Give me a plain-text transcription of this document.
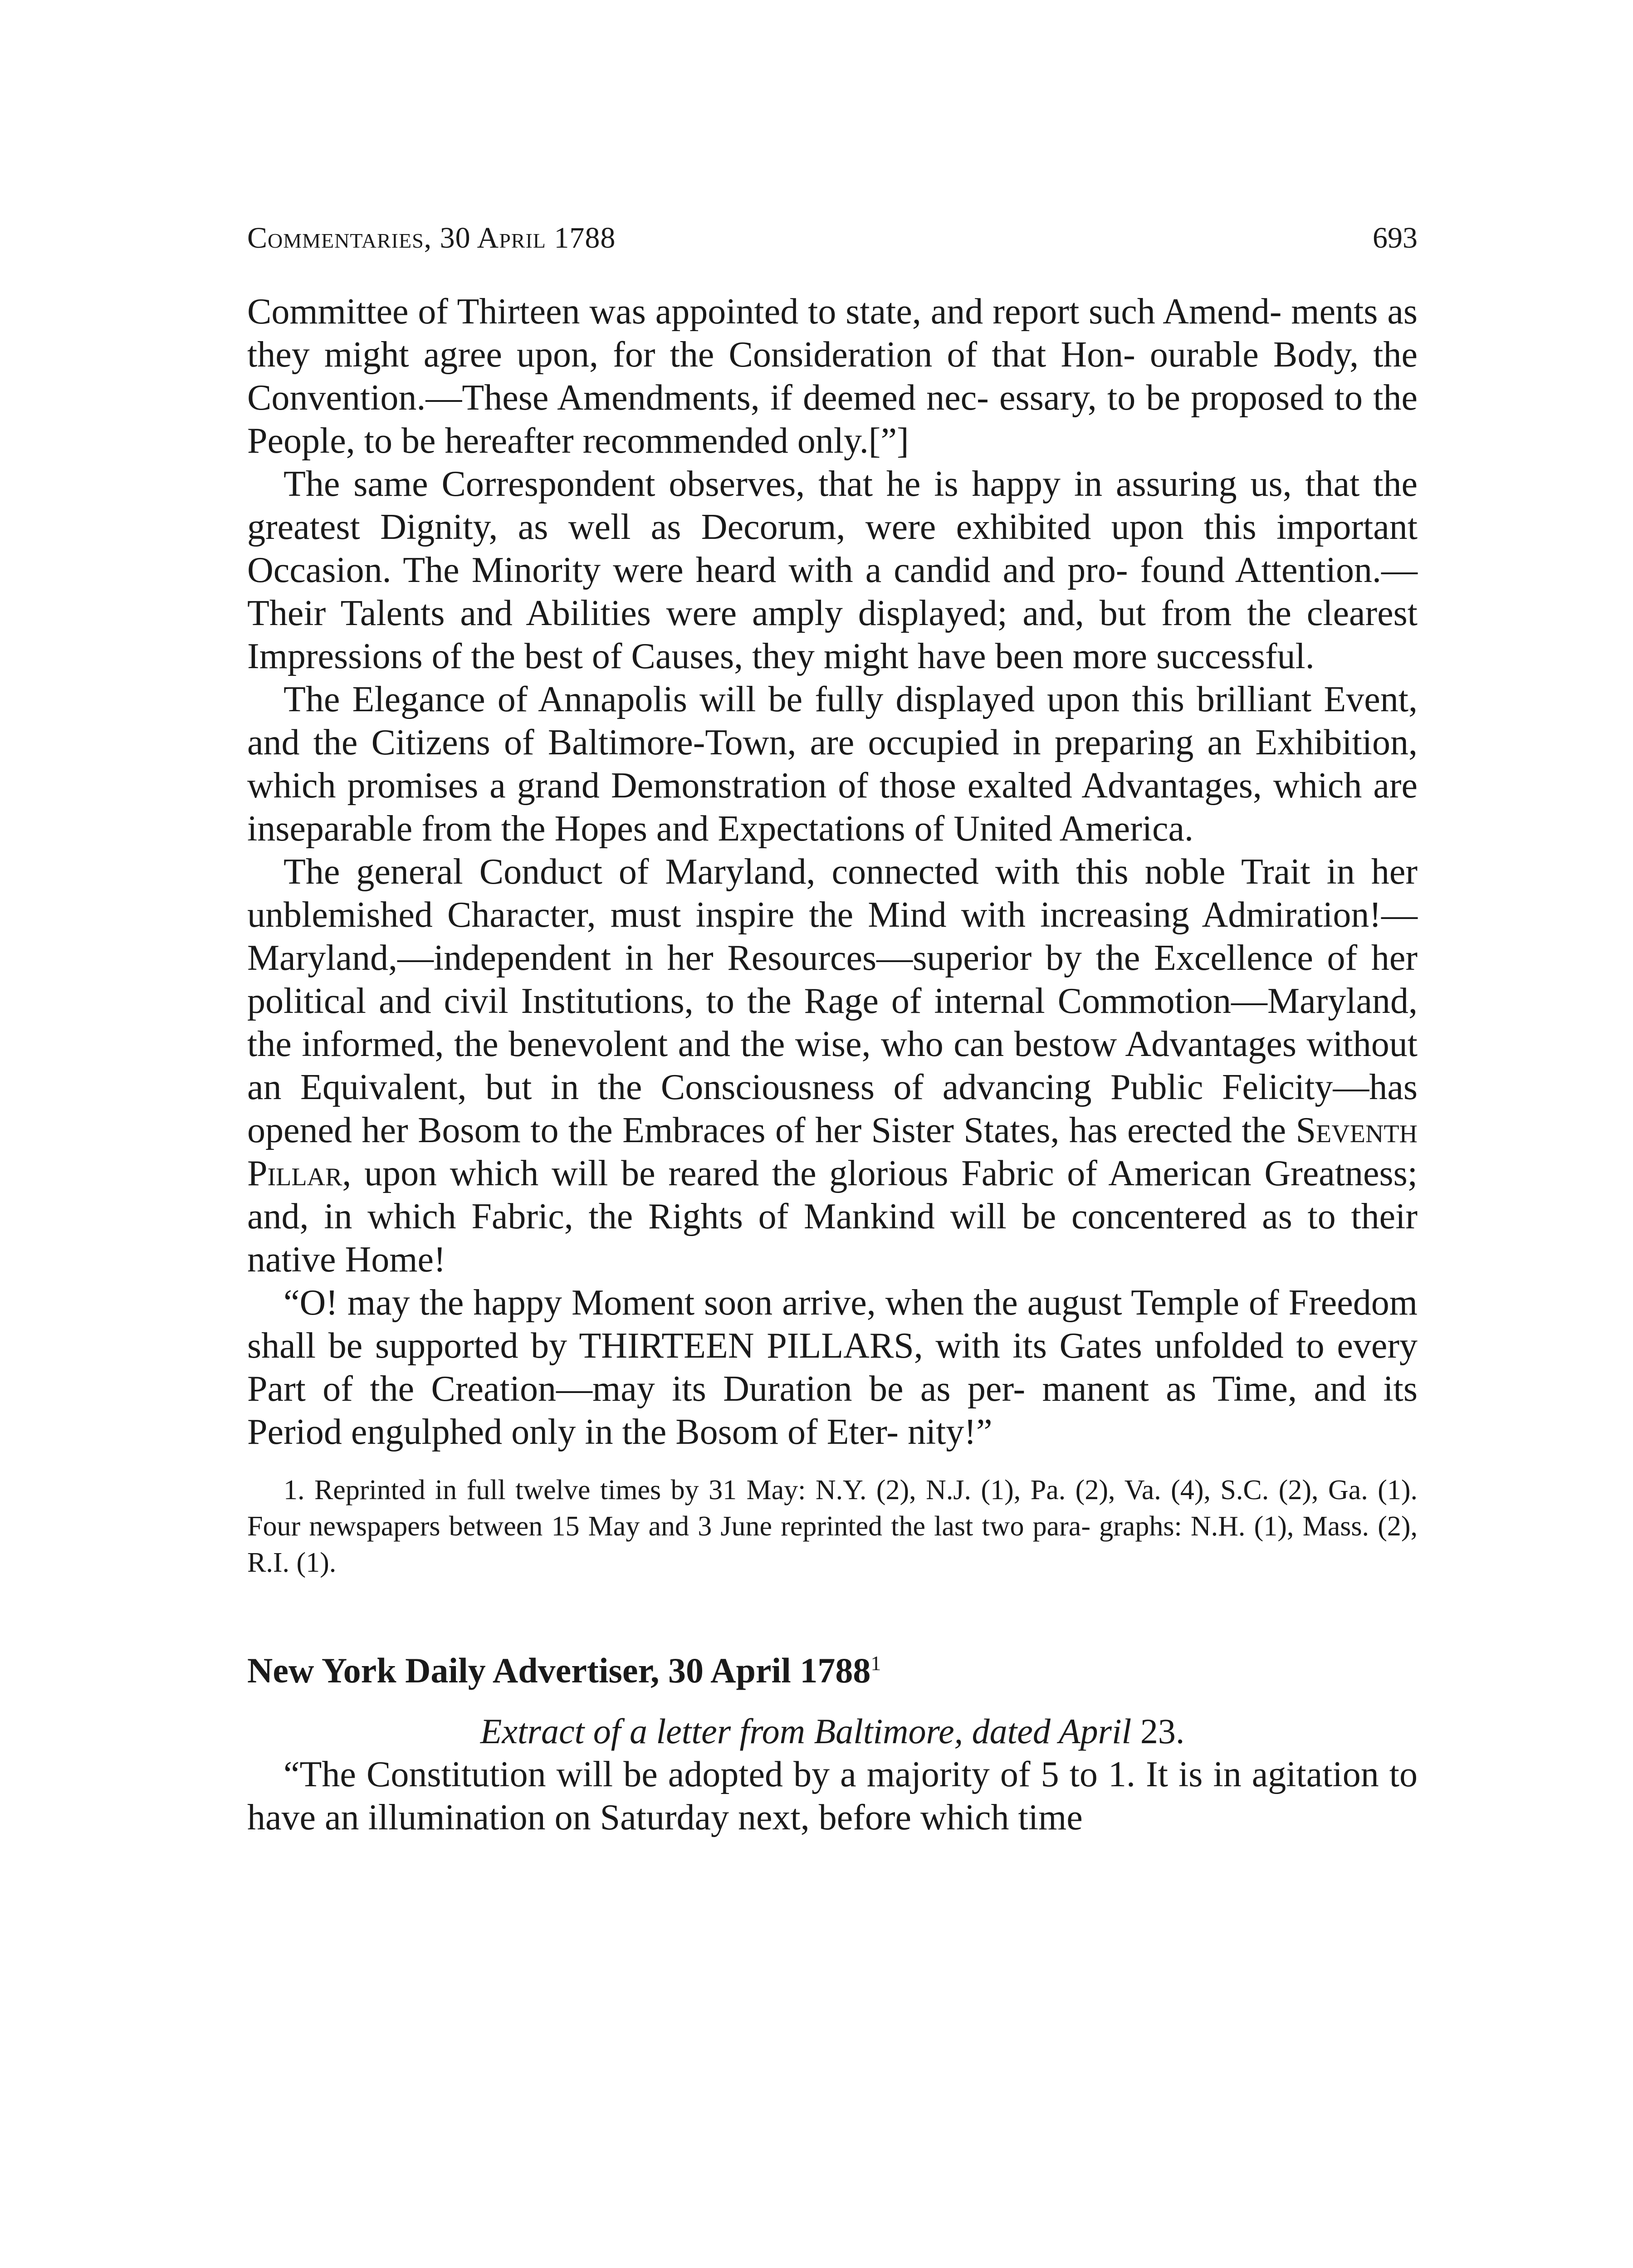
Commentaries, 30 April 1788	693

Committee of Thirteen was appointed to state, and report such Amend- ments as they might agree upon, for the Consideration of that Hon- ourable Body, the Convention.—These Amendments, if deemed nec- essary, to be proposed to the People, to be hereafter recommended only.[”]

The same Correspondent observes, that he is happy in assuring us, that the greatest Dignity, as well as Decorum, were exhibited upon this important Occasion. The Minority were heard with a candid and pro- found Attention.—Their Talents and Abilities were amply displayed; and, but from the clearest Impressions of the best of Causes, they might have been more successful.

The Elegance of Annapolis will be fully displayed upon this brilliant Event, and the Citizens of Baltimore-Town, are occupied in preparing an Exhibition, which promises a grand Demonstration of those exalted Advantages, which are inseparable from the Hopes and Expectations of United America.

The general Conduct of Maryland, connected with this noble Trait in her unblemished Character, must inspire the Mind with increasing Admiration!—Maryland,—independent in her Resources—superior by the Excellence of her political and civil Institutions, to the Rage of internal Commotion—Maryland, the informed, the benevolent and the wise, who can bestow Advantages without an Equivalent, but in the Consciousness of advancing Public Felicity—has opened her Bosom to the Embraces of her Sister States, has erected the Seventh Pillar, upon which will be reared the glorious Fabric of American Greatness; and, in which Fabric, the Rights of Mankind will be concentered as to their native Home!

“O! may the happy Moment soon arrive, when the august Temple of Freedom shall be supported by THIRTEEN PILLARS, with its Gates unfolded to every Part of the Creation—may its Duration be as per- manent as Time, and its Period engulphed only in the Bosom of Eter- nity!”

1. Reprinted in full twelve times by 31 May: N.Y. (2), N.J. (1), Pa. (2), Va. (4), S.C. (2), Ga. (1). Four newspapers between 15 May and 3 June reprinted the last two para- graphs: N.H. (1), Mass. (2), R.I. (1).

New York Daily Advertiser, 30 April 1788$^1$
Extract of a letter from Baltimore, dated April 23.

“The Constitution will be adopted by a majority of 5 to 1. It is in agitation to have an illumination on Saturday next, before which time
